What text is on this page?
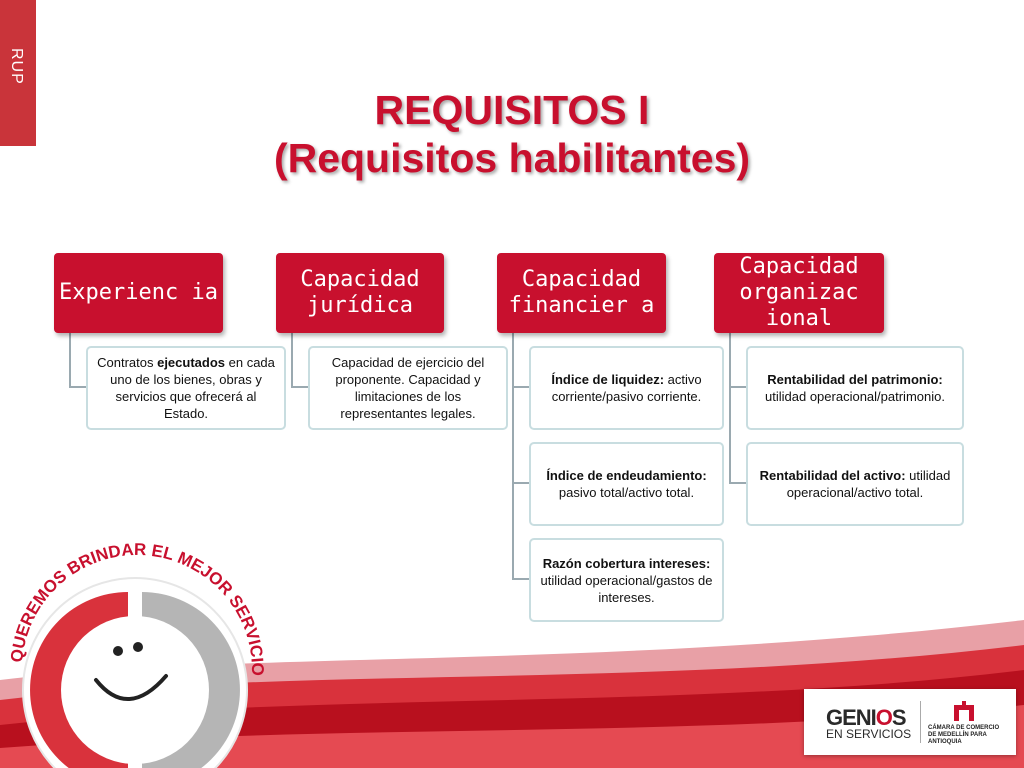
RUP
REQUISITOS I
(Requisitos habilitantes)
Experienc ia
Contratos ejecutados en cada uno de los bienes, obras y servicios que ofrecerá al Estado.
Capacidad jurídica
Capacidad de ejercicio del proponente. Capacidad y limitaciones de los representantes legales.
Capacidad financier a
Índice de liquidez: activo corriente/pasivo corriente.
Índice de endeudamiento: pasivo total/activo total.
Razón cobertura intereses: utilidad operacional/gastos de intereses.
Capacidad organizac ional
Rentabilidad del patrimonio: utilidad operacional/patrimonio.
Rentabilidad del activo: utilidad operacional/activo total.
QUEREMOS BRINDAR EL MEJOR SERVICIO
GENIOS
EN SERVICIOS	CÁMARA DE COMERCIO
DE MEDELLÍN PARA ANTIOQUIA
